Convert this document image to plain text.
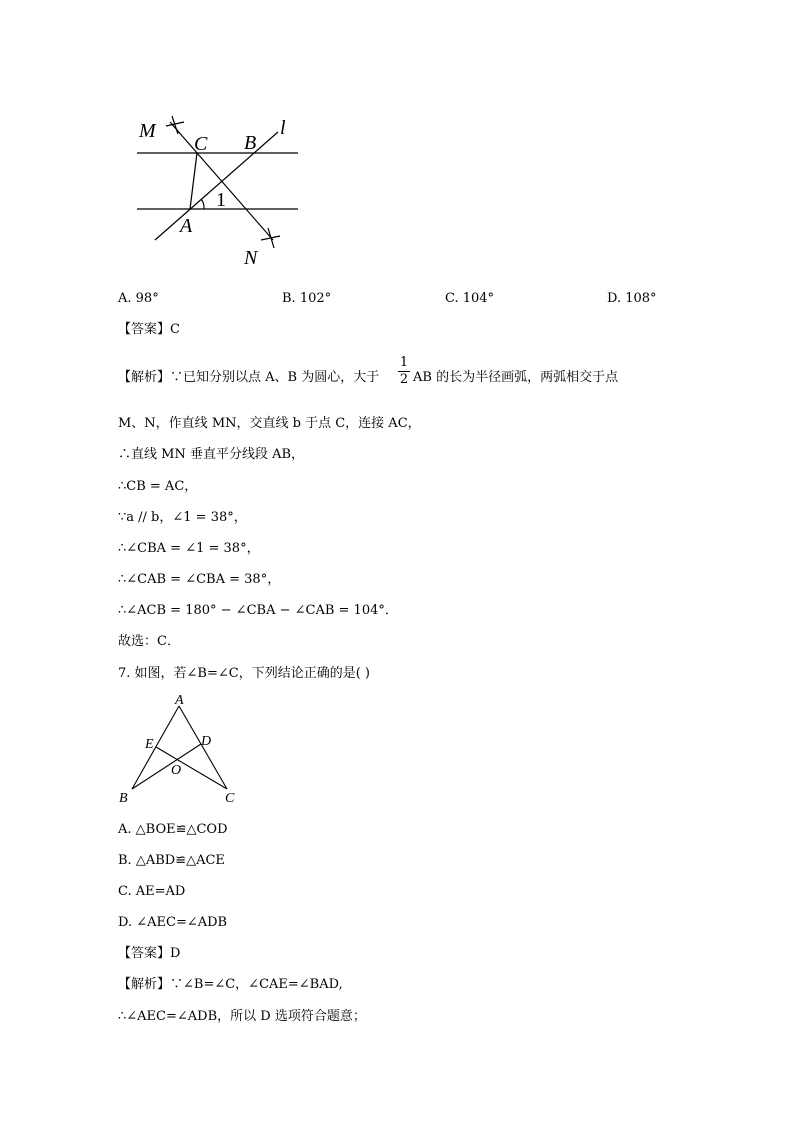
M
C B
l
1
A
N
A. 98°	B. 102°	C. 104°	D. 108°
【答案】C
【解析】∵已知分别以点 A、B 为圆心，大于
1
2 AB 的长为半径画弧，两弧相交于点
M、N，作直线 MN，交直线 b 于点 C，连接 AC，
∴直线 MN 垂直平分线段 AB，
∴CB = AC，
∵a // b，∠1 = 38°，
∴∠CBA = ∠1 = 38°，
∴∠CAB = ∠CBA = 38°，
∴∠ACB = 180° − ∠CBA − ∠CAB = 104°．
故选：C．
7. 如图，若∠B=∠C，下列结论正确的是( )
A
E	D
O
B	C
A. △BOE≌△COD
B. △ABD≌△ACE
C. AE=AD
D. ∠AEC=∠ADB
【答案】D
【解析】∵∠B=∠C，∠CAE=∠BAD,
∴∠AEC=∠ADB，所以 D 选项符合题意；
